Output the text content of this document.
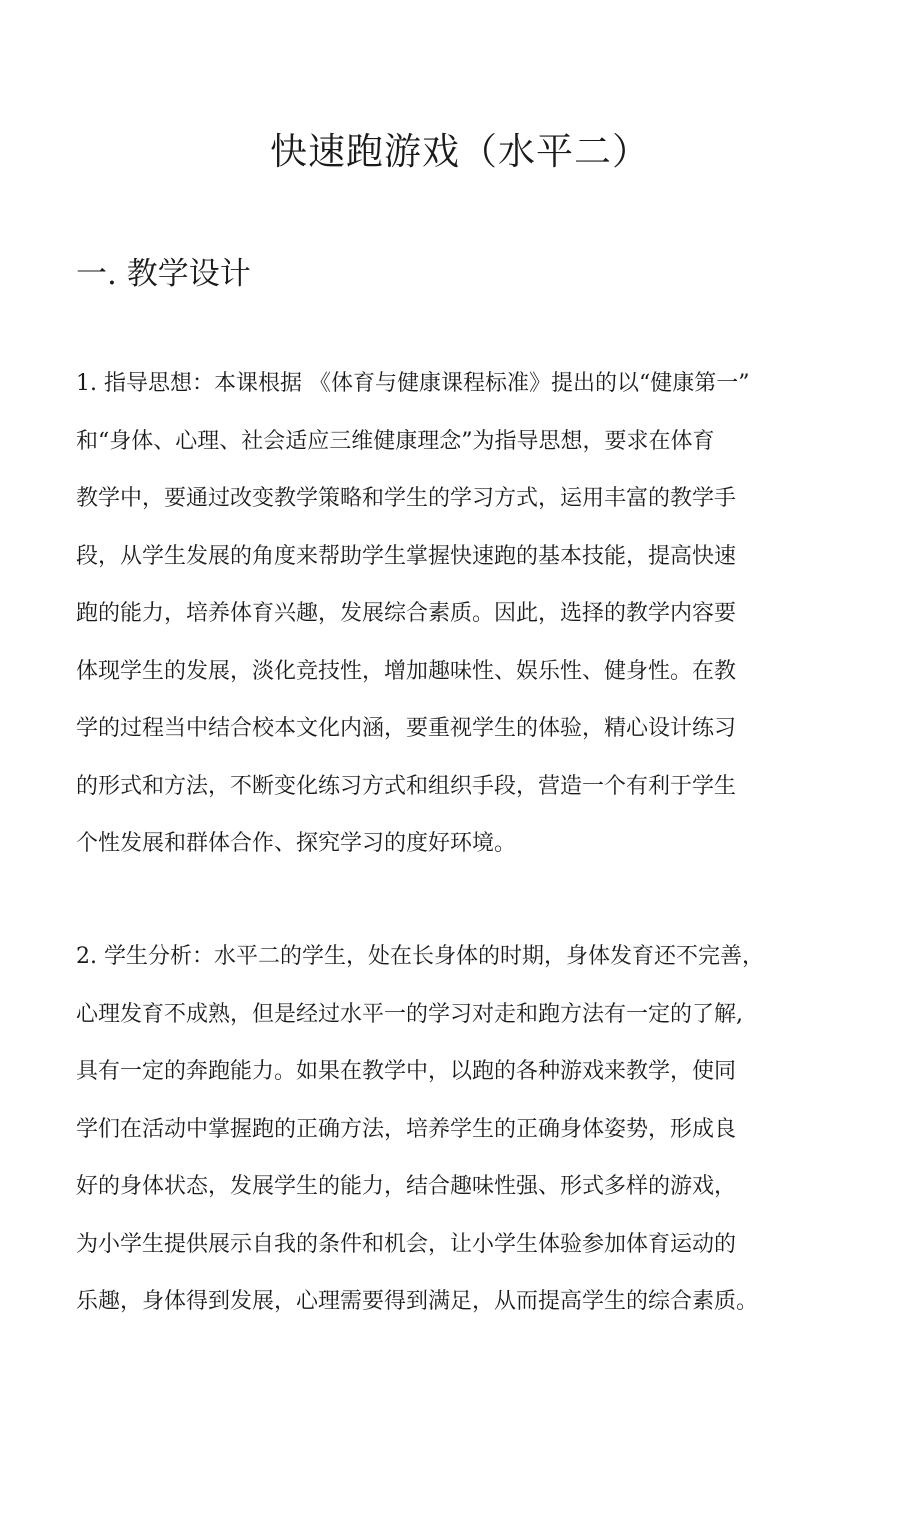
快速跑游戏（水平二）
一. 教学设计
1. 指导思想：本课根据 《体育与健康课程标准》提出的以“健康第一”
和“身体、心理、社会适应三维健康理念”为指导思想，要求在体育
教学中，要通过改变教学策略和学生的学习方式，运用丰富的教学手
段，从学生发展的角度来帮助学生掌握快速跑的基本技能，提高快速
跑的能力，培养体育兴趣，发展综合素质。因此，选择的教学内容要
体现学生的发展，淡化竞技性，增加趣味性、娱乐性、健身性。在教
学的过程当中结合校本文化内涵，要重视学生的体验，精心设计练习
的形式和方法，不断变化练习方式和组织手段，营造一个有利于学生
个性发展和群体合作、探究学习的度好环境。
2. 学生分析：水平二的学生，处在长身体的时期，身体发育还不完善，
心理发育不成熟，但是经过水平一的学习对走和跑方法有一定的了解,
具有一定的奔跑能力。如果在教学中，以跑的各种游戏来教学，使同
学们在活动中掌握跑的正确方法，培养学生的正确身体姿势，形成良
好的身体状态，发展学生的能力，结合趣味性强、形式多样的游戏，
为小学生提供展示自我的条件和机会，让小学生体验参加体育运动的
乐趣，身体得到发展，心理需要得到满足，从而提高学生的综合素质。
